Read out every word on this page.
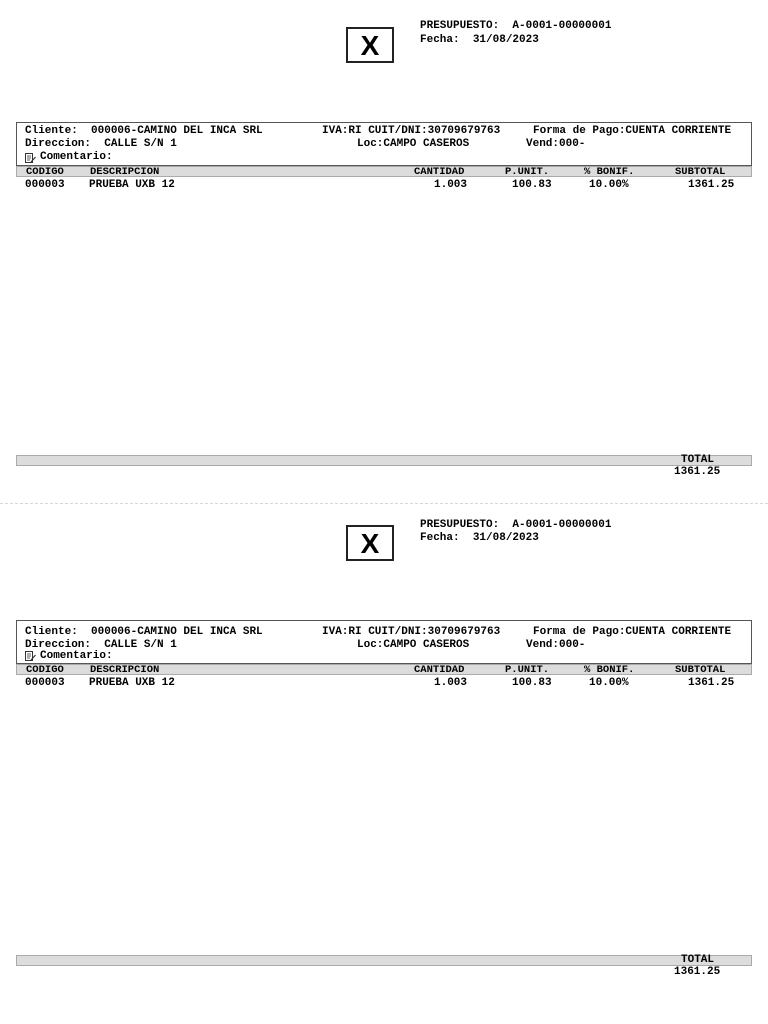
X
PRESUPUESTO: A-0001-00000001
Fecha: 31/08/2023
Cliente: 000006-CAMINO DEL INCA SRL	IVA:RI CUIT/DNI:30709679763	Forma de Pago:CUENTA CORRIENTE
Direccion: CALLE S/N 1	Loc:CAMPO CASEROS	Vend:000-
Comentario:
CODIGO DESCRIPCION	CANTIDAD	P.UNIT.	% BONIF.	SUBTOTAL
000003 PRUEBA UXB 12	1.003	100.83	10.00%	1361.25
TOTAL
1361.25
X
PRESUPUESTO: A-0001-00000001
Fecha: 31/08/2023
Cliente: 000006-CAMINO DEL INCA SRL	IVA:RI CUIT/DNI:30709679763	Forma de Pago:CUENTA CORRIENTE
Direccion: CALLE S/N 1	Loc:CAMPO CASEROS	Vend:000-
Comentario:
CODIGO DESCRIPCION	CANTIDAD	P.UNIT.	% BONIF.	SUBTOTAL
000003 PRUEBA UXB 12	1.003	100.83	10.00%	1361.25
TOTAL
1361.25
